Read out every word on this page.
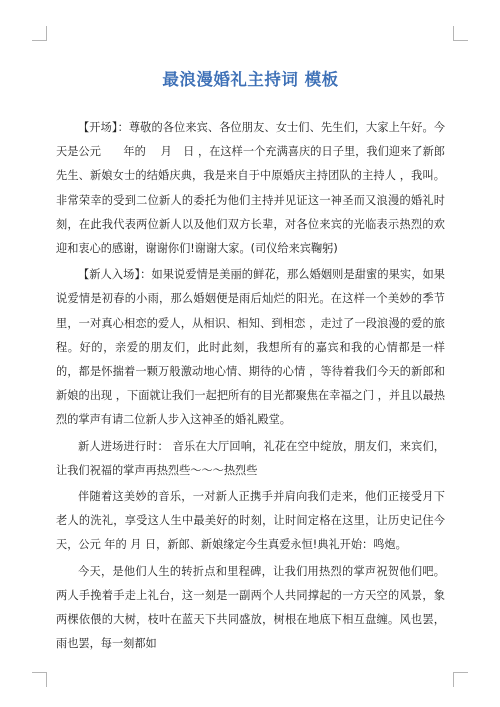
最浪漫婚礼主持词 模板

【开场】：尊敬的各位来宾、各位朋友、女士们、先生们，大家上午好。今天是公元　　年的　 月　日 ，在这样一个充满喜庆的日子里，我们迎来了新郎先生、新娘女士的结婚庆典，我是来自于中原婚庆主持团队的主持人 ，我叫。非常荣幸的受到二位新人的委托为他们主持并见证这一神圣而又浪漫的婚礼时刻，在此我代表两位新人以及他们双方长辈，对各位来宾的光临表示热烈的欢迎和衷心的感谢，谢谢你们!谢谢大家。(司仪给来宾鞠躬)

【新人入场】：如果说爱情是美丽的鲜花，那么婚姻则是甜蜜的果实，如果说爱情是初春的小雨，那么婚姻便是雨后灿烂的阳光。在这样一个美妙的季节里，一对真心相恋的爱人，从相识、相知、到相恋 ，走过了一段浪漫的爱的旅程。好的，亲爱的朋友们，此时此刻，我想所有的嘉宾和我的心情都是一样的，都是怀揣着一颗万般激动地心情、期待的心情 ，等待着我们今天的新郎和新娘的出现 ，下面就让我们一起把所有的目光都聚焦在幸福之门 ，并且以最热烈的掌声有请二位新人步入这神圣的婚礼殿堂。

新人进场进行时： 音乐在大厅回响，礼花在空中绽放，朋友们，来宾们，让我们祝福的掌声再热烈些～～～热烈些

伴随着这美妙的音乐，一对新人正携手并肩向我们走来，他们正接受月下老人的洗礼，享受这人生中最美好的时刻，让时间定格在这里，让历史记住今天，公元 年的 月 日，新郎、新娘缘定今生真爱永恒!典礼开始：鸣炮。

今天，是他们人生的转折点和里程碑，让我们用热烈的掌声祝贺他们吧。两人手挽着手走上礼台，这一刻是一副两个人共同撑起的一方天空的风景，象两棵依偎的大树，枝叶在蓝天下共同盛放，树根在地底下相互盘缠。风也罢，雨也罢，每一刻都如
